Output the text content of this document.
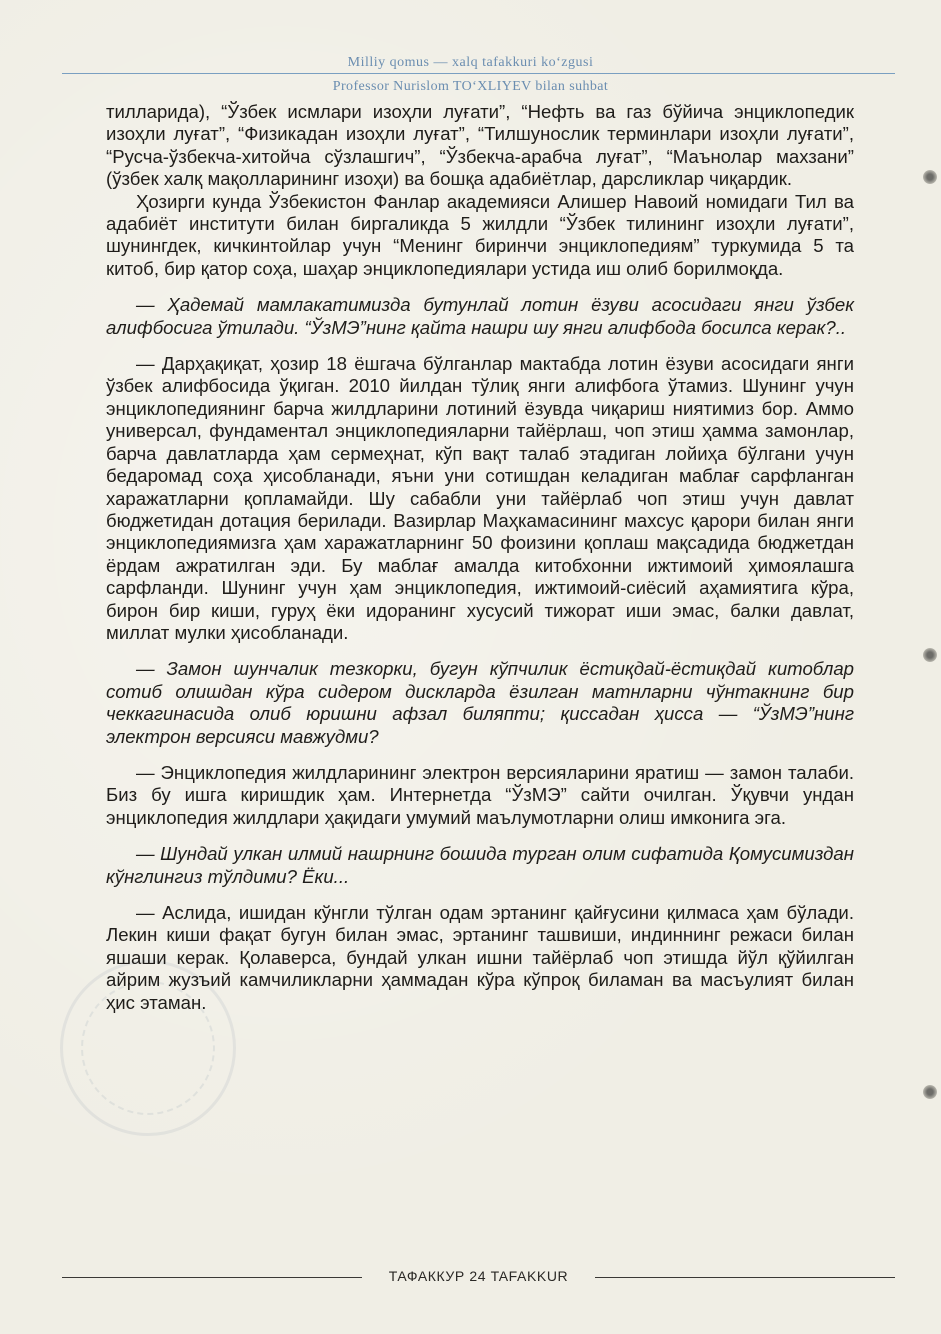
Milliy qomus — xalq tafakkuri ko‘zgusi
Professor Nurislom TO‘XLIYEV bilan suhbat

тилларида), “Ўзбек исмлари изоҳли луғати”, “Нефть ва газ бўйича энциклопедик изоҳли луғат”, “Физикадан изоҳли луғат”, “Тилшунослик терминлари изоҳли луғати”, “Русча-ўзбекча-хитойча сўзлашгич”, “Ўзбекча-арабча луғат”, “Маънолар махзани” (ўзбек халқ мақолларининг изоҳи) ва бошқа адабиётлар, дарсликлар чиқардик.

Ҳозирги кунда Ўзбекистон Фанлар академияси Алишер Навоий номидаги Тил ва адабиёт институти билан биргаликда 5 жилдли “Ўзбек тилининг изоҳли луғати”, шунингдек, кичкинтойлар учун “Менинг биринчи энциклопедиям” туркумида 5 та китоб, бир қатор соҳа, шаҳар энциклопедиялари устида иш олиб борилмоқда.

— Ҳадемай мамлакатимизда бутунлай лотин ёзуви асосидаги янги ўзбек алифбосига ўтилади. “ЎзМЭ”нинг қайта нашри шу янги алифбода босилса керак?..

— Дарҳақиқат, ҳозир 18 ёшгача бўлганлар мактабда лотин ёзуви асосидаги янги ўзбек алифбосида ўқиган. 2010 йилдан тўлиқ янги алифбога ўтамиз. Шунинг учун энциклопедиянинг барча жилдларини лотиний ёзувда чиқариш ниятимиз бор. Аммо универсал, фундаментал энциклопедияларни тайёрлаш, чоп этиш ҳамма замонлар, барча давлатларда ҳам сермеҳнат, кўп вақт талаб этадиган лойиҳа бўлгани учун бедаромад соҳа ҳисобланади, яъни уни сотишдан келадиган маблағ сарфланган харажатларни қопламайди. Шу сабабли уни тайёрлаб чоп этиш учун давлат бюджетидан дотация берилади. Вазирлар Маҳкамасининг махсус қарори билан янги энциклопедиямизга ҳам харажатларнинг 50 фоизини қоплаш мақсадида бюджетдан ёрдам ажратилган эди. Бу маблағ амалда китобхонни ижтимоий ҳимоялашга сарфланди. Шунинг учун ҳам энциклопедия, ижтимоий-сиёсий аҳамиятига кўра, бирон бир киши, гуруҳ ёки идоранинг хусусий тижорат иши эмас, балки давлат, миллат мулки ҳисобланади.

— Замон шунчалик тезкорки, бугун кўпчилик ёстиқдай-ёстиқдай китоблар сотиб олишдан кўра сидером дискларда ёзилган матнларни чўнтакнинг бир чеккагинасида олиб юришни афзал биляпти; қиссадан ҳисса — “ЎзМЭ”нинг электрон версияси мавжудми?

— Энциклопедия жилдларининг электрон версияларини яратиш — замон талаби. Биз бу ишга киришдик ҳам. Интернетда “ЎзМЭ” сайти очилган. Ўқувчи ундан энциклопедия жилдлари ҳақидаги умумий маълумотларни олиш имконига эга.

— Шундай улкан илмий нашрнинг бошида турган олим сифатида Қомусимиздан кўнглингиз тўлдими? Ёки...

— Аслида, ишидан кўнгли тўлган одам эртанинг қайғусини қилмаса ҳам бўлади. Лекин киши фақат бугун билан эмас, эртанинг ташвиши, индиннинг режаси билан яшаши керак. Қолаверса, бундай улкан ишни тайёрлаб чоп этишда йўл қўйилган айрим жузъий камчиликларни ҳаммадан кўра кўпроқ биламан ва масъулият билан ҳис этаман.

ТАФАККУР 24 TAFAKKUR
